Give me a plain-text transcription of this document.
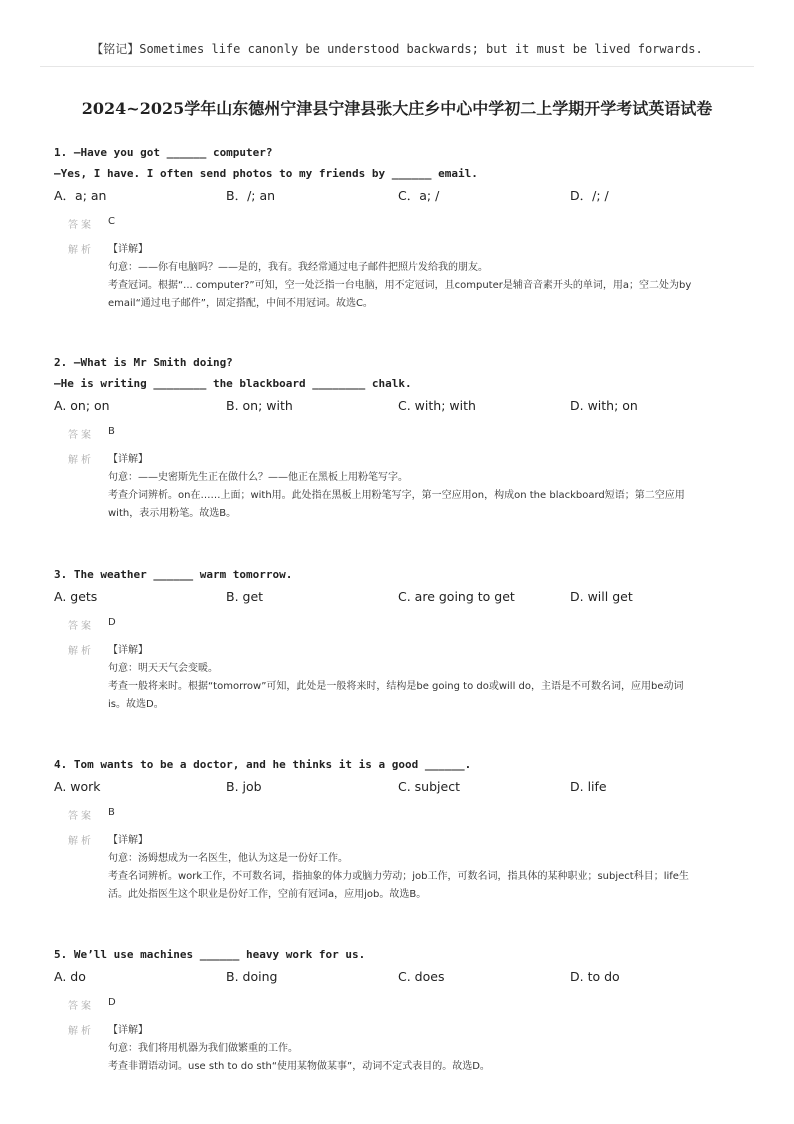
【铭记】Sometimes life canonly be understood backwards; but it must be lived forwards.
2024~2025学年山东德州宁津县宁津县张大庄乡中心中学初二上学期开学考试英语试卷
1. —Have you got ______ computer?
—Yes, I have. I often send photos to my friends by ______ email.
A．a; an	B．/; an	C．a; /	D．/; /
答案	C
解析	【详解】
句意：——你有电脑吗？——是的，我有。我经常通过电子邮件把照片发给我的朋友。
考查冠词。根据“... computer?”可知，空一处泛指一台电脑，用不定冠词，且computer是辅音音素开头的单词，用a；空二处为by
email“通过电子邮件”，固定搭配，中间不用冠词。故选C。
2. —What is Mr Smith doing?
—He is writing ________ the blackboard ________ chalk.
A. on; on	B. on; with	C. with; with	D. with; on
答案	B
解析	【详解】
句意：——史密斯先生正在做什么？——他正在黑板上用粉笔写字。
考查介词辨析。on在……上面；with用。此处指在黑板上用粉笔写字，第一空应用on，构成on the blackboard短语；第二空应用
with，表示用粉笔。故选B。
3. The weather ______ warm tomorrow.
A. gets	B. get	C. are going to get	D. will get
答案	D
解析	【详解】
句意：明天天气会变暖。
考查一般将来时。根据“tomorrow”可知，此处是一般将来时，结构是be going to do或will do，主语是不可数名词，应用be动词
is。故选D。
4. Tom wants to be a doctor, and he thinks it is a good ______.
A. work	B. job	C. subject	D. life
答案	B
解析	【详解】
句意：汤姆想成为一名医生，他认为这是一份好工作。
考查名词辨析。work工作，不可数名词，指抽象的体力或脑力劳动；job工作，可数名词，指具体的某种职业；subject科目；life生
活。此处指医生这个职业是份好工作，空前有冠词a，应用job。故选B。
5. We’ll use machines ______ heavy work for us.
A. do	B. doing	C. does	D. to do
答案	D
解析	【详解】
句意：我们将用机器为我们做繁重的工作。
考查非谓语动词。use sth to do sth“使用某物做某事”，动词不定式表目的。故选D。
